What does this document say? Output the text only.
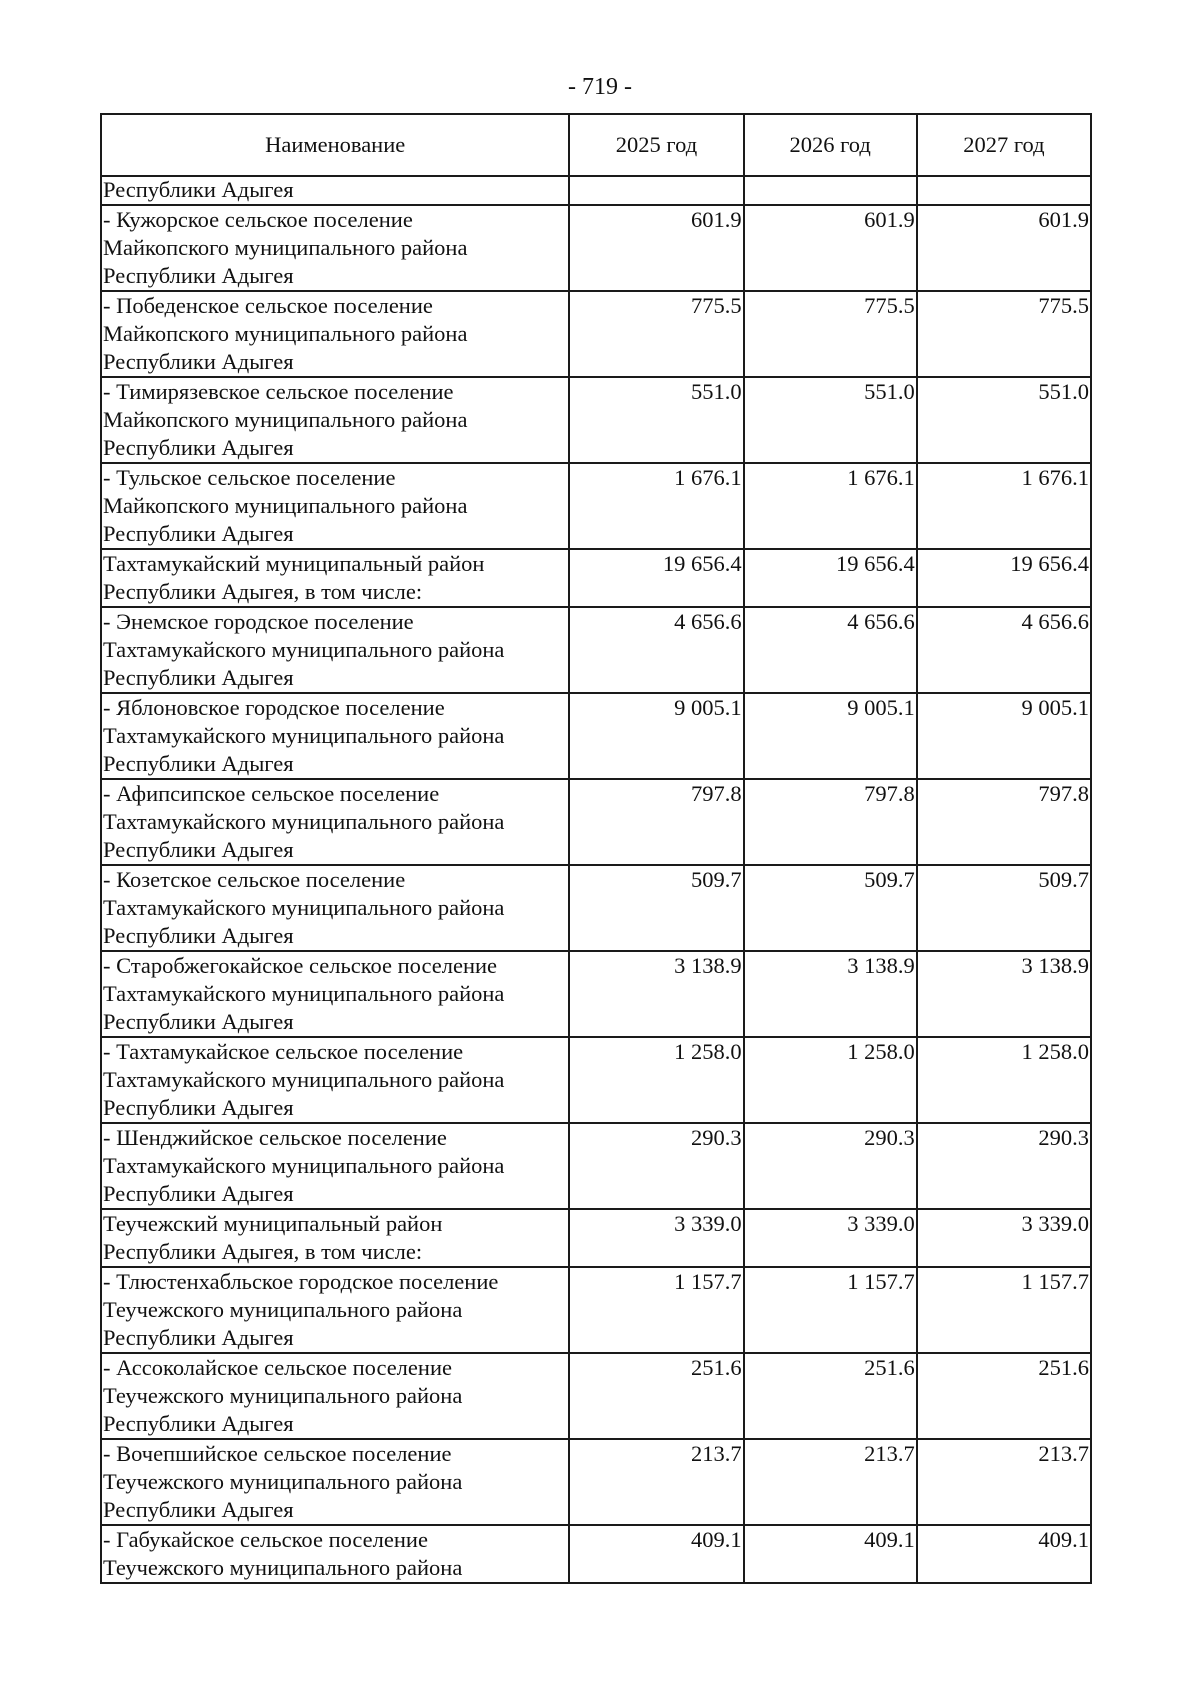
- 719 -
Наименование	2025 год	2026 год	2027 год

Республики Адыгея			

- Кужорское сельское поселение
Майкопского муниципального района
Республики Адыгея	601.9	601.9	601.9

- Победенское сельское поселение
Майкопского муниципального района
Республики Адыгея	775.5	775.5	775.5

- Тимирязевское сельское поселение
Майкопского муниципального района
Республики Адыгея	551.0	551.0	551.0

- Тульское сельское поселение
Майкопского муниципального района
Республики Адыгея	1 676.1	1 676.1	1 676.1

Тахтамукайский муниципальный район
Республики Адыгея, в том числе:	19 656.4	19 656.4	19 656.4

- Энемское городское поселение
Тахтамукайского муниципального района
Республики Адыгея	4 656.6	4 656.6	4 656.6

- Яблоновское городское поселение
Тахтамукайского муниципального района
Республики Адыгея	9 005.1	9 005.1	9 005.1

- Афипсипское сельское поселение
Тахтамукайского муниципального района
Республики Адыгея	797.8	797.8	797.8

- Козетское сельское поселение
Тахтамукайского муниципального района
Республики Адыгея	509.7	509.7	509.7

- Старобжегокайское сельское поселение
Тахтамукайского муниципального района
Республики Адыгея	3 138.9	3 138.9	3 138.9

- Тахтамукайское сельское поселение
Тахтамукайского муниципального района
Республики Адыгея	1 258.0	1 258.0	1 258.0

- Шенджийское сельское поселение
Тахтамукайского муниципального района
Республики Адыгея	290.3	290.3	290.3

Теучежский муниципальный район
Республики Адыгея, в том числе:	3 339.0	3 339.0	3 339.0

- Тлюстенхабльское городское поселение
Теучежского муниципального района
Республики Адыгея	1 157.7	1 157.7	1 157.7

- Ассоколайское сельское поселение
Теучежского муниципального района
Республики Адыгея	251.6	251.6	251.6

- Вочепшийское сельское поселение
Теучежского муниципального района
Республики Адыгея	213.7	213.7	213.7

- Габукайское сельское поселение
Теучежского муниципального района	409.1	409.1	409.1
